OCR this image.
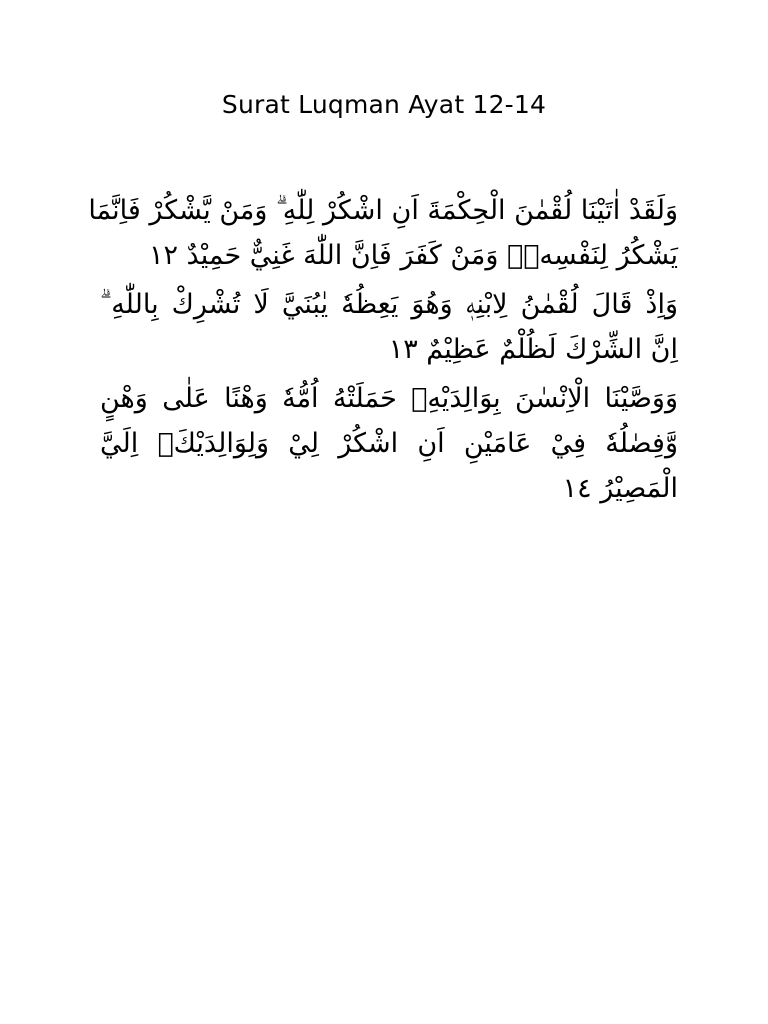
Surat Luqman Ayat 12-14
وَلَقَدْ اٰتَيْنَا لُقْمٰنَ الْحِكْمَةَ اَنِ اشْكُرْ لِلّٰهِ ۗ وَمَنْ يَّشْكُرْ فَاِنَّمَا
يَشْكُرُ لِنَفْسِهٖۚ وَمَنْ كَفَرَ فَاِنَّ اللّٰهَ غَنِيٌّ حَمِيْدٌ ١٢
وَاِذْ قَالَ لُقْمٰنُ لِابْنِهٖ وَهُوَ يَعِظُهٗ يٰبُنَيَّ لَا تُشْرِكْ بِاللّٰهِ ۗ
اِنَّ الشِّرْكَ لَظُلْمٌ عَظِيْمٌ ١٣
وَوَصَّيْنَا الْاِنْسٰنَ بِوَالِدَيْهِۚ حَمَلَتْهُ اُمُّهٗ وَهْنًا عَلٰى وَهْنٍ
وَّفِصٰلُهٗ فِيْ عَامَيْنِ اَنِ اشْكُرْ لِيْ وَلِوَالِدَيْكَۗ اِلَيَّ
الْمَصِيْرُ ١٤
